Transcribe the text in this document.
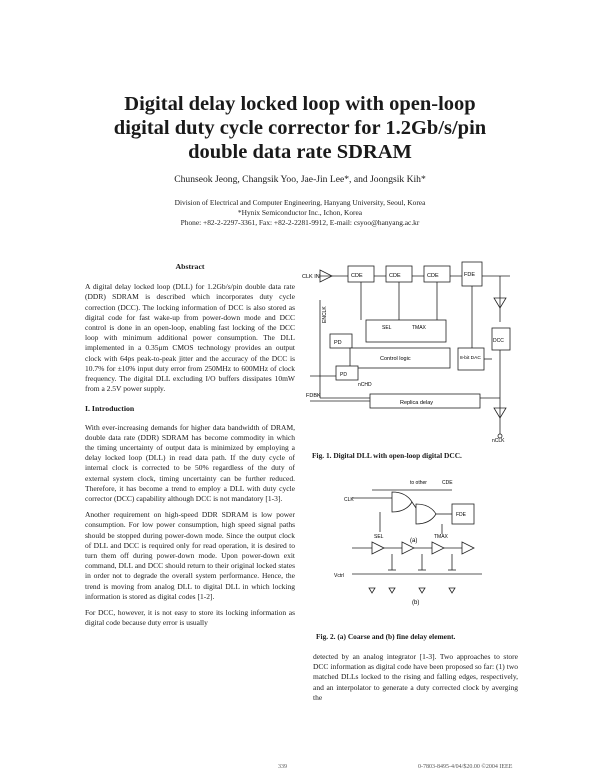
Digital delay locked loop with open-loop
digital duty cycle corrector for 1.2Gb/s/pin
double data rate SDRAM
Chunseok Jeong, Changsik Yoo, Jae-Jin Lee*, and Joongsik Kih*
Division of Electrical and Computer Engineering, Hanyang University, Seoul, Korea
*Hynix Semiconductor Inc., Ichon, Korea
Phone: +82-2-2297-3361, Fax: +82-2-2281-9912, E-mail: csyoo@hanyang.ac.kr
Abstract

A digital delay locked loop (DLL) for 1.2Gb/s/pin double data rate (DDR) SDRAM is described which incorporates duty cycle correction (DCC). The locking information of DCC is also stored as digital code for fast wake-up from power-down mode and DCC control is done in an open-loop, enabling fast locking of the DCC loop with minimum additional power consumption. The DLL implemented in a 0.35μm CMOS technology provides an output clock with 64ps peak-to-peak jitter and the accuracy of the DCC is 10.7% for ±10% input duty error from 250MHz to 600MHz of clock frequency. The digital DLL excluding I/O buffers dissipates 10mW from a 2.5V power supply.

I. Introduction

With ever-increasing demands for higher data bandwidth of DRAM, double data rate (DDR) SDRAM has become commodity in which the timing uncertainty of output data is minimized by employing a delay locked loop (DLL) in read data path. If the duty cycle of internal clock is corrected to be 50% regardless of the duty of external system clock, timing uncertainty can be further reduced. Therefore, it has become a trend to employ a DLL with duty cycle corrector (DCC) capability although DCC is not mandatory [1-3].

Another requirement on high-speed DDR SDRAM is low power consumption. For low power consumption, high speed signal paths should be stopped during power-down mode. Since the output clock of DLL and DCC is required only for read operation, it is desired to turn them off during power-down mode. Upon power-down exit command, DLL and DCC should return to their original locked states in order not to degrade the overall system performance. Hence, the trend is moving from analog DLL to digital DLL in which locking information is stored as digital codes [1-2].

For DCC, however, it is not easy to store its locking information as digital code because duty error is usually

CLK IN	CDE	CDE	CDE	FDE
SEL	TMAX
PD
Control logic	8-bit DAC
DCC
Replica delay
FDBK
PD
nCHD
ENCLK
nCLK
Fig. 1. Digital DLL with open-loop digital DCC.
CLK
to other	CDE
FDE
SEL	TMAX
(a)
Vctrl
(b)
Fig. 2. (a) Coarse and (b) fine delay element.

detected by an analog integrator [1-3]. Two approaches to store DCC information as digital code have been proposed so far: (1) two matched DLLs locked to the rising and falling edges, respectively, and an interpolator to generate a duty corrected clock by averging the

339	0-7803-8495-4/04/$20.00 ©2004 IEEE
